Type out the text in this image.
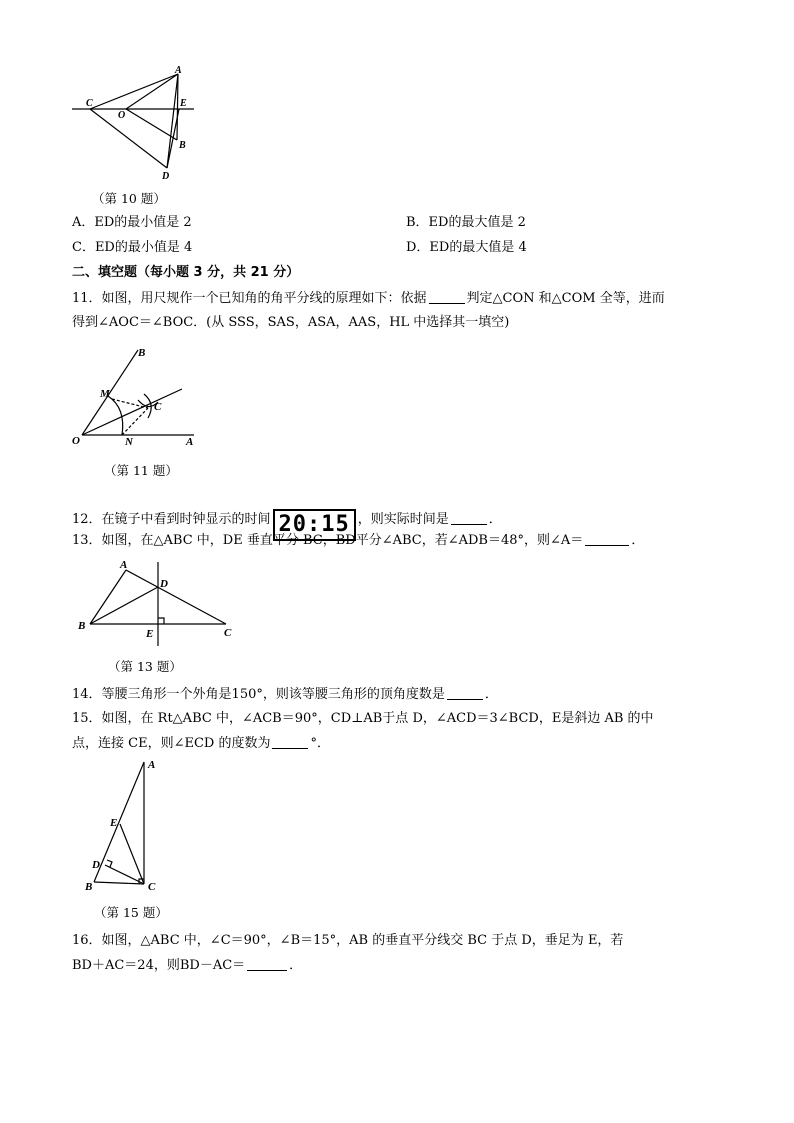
A
C
O
E
B
D
（第 10 题）
A．ED的最小值是 2	B．ED的最大值是 2
C．ED的最小值是 4	D．ED的最大值是 4
二、填空题（每小题 3 分，共 21 分）
11．如图，用尺规作一个已知角的角平分线的原理如下：依据	判定△CON 和△COM 全等，进而
得到∠AOC＝∠BOC．(从 SSS，SAS，ASA，AAS，HL 中选择其一填空)
B
M
C
O	N	A
（第 11 题）
12．在镜子中看到时钟显示的时间 20:15 ，则实际时间是	．
13．如图，在△ABC 中，DE 垂直平分 BC，BD平分∠ABC，若∠ADB＝48°，则∠A＝	．
A
D
B
E	C
（第 13 题）
14．等腰三角形一个外角是150°，则该等腰三角形的顶角度数是	．
15．如图，在 Rt△ABC 中，∠ACB＝90°，CD⊥AB于点 D，∠ACD＝3∠BCD，E是斜边 AB 的中
点，连接 CE，则∠ECD 的度数为	°．
A
E
D
B	C
（第 15 题）
16．如图，△ABC 中，∠C＝90°，∠B＝15°，AB 的垂直平分线交 BC 于点 D，垂足为 E，若
BD＋AC＝24，则BD－AC＝	．
